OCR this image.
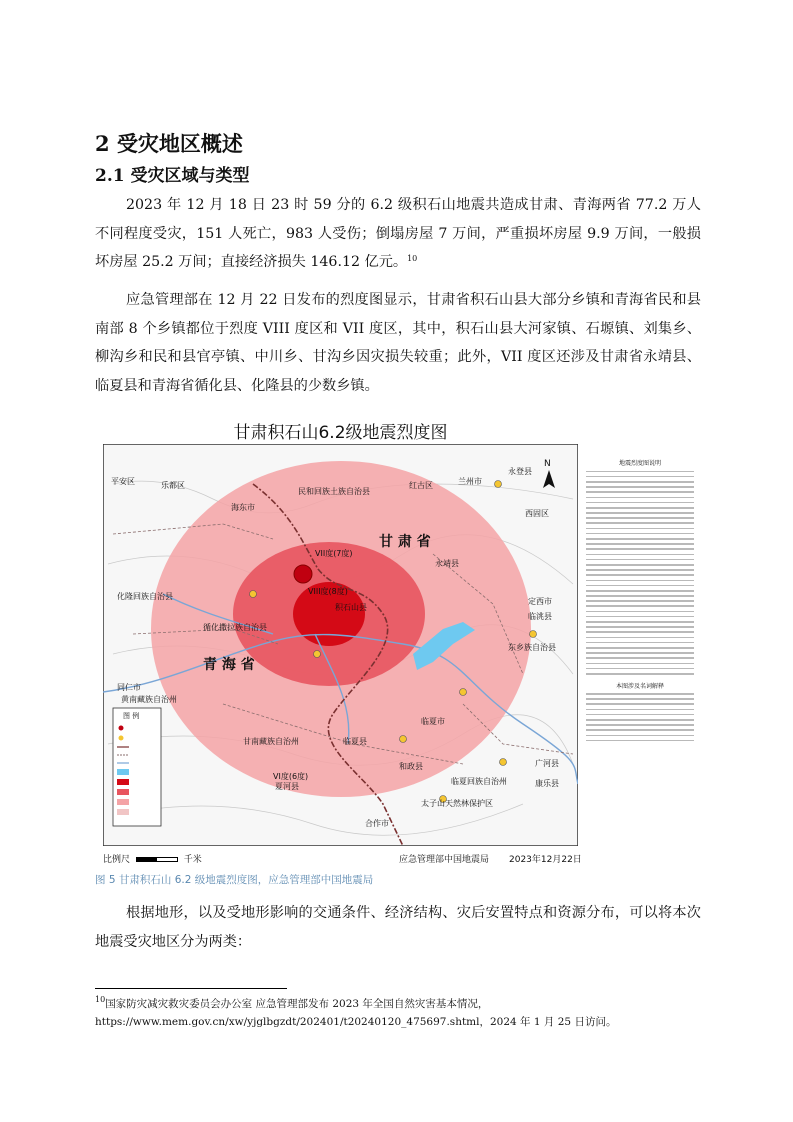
2 受灾地区概述
2.1 受灾区域与类型

2023 年 12 月 18 日 23 时 59 分的 6.2 级积石山地震共造成甘肃、青海两省 77.2 万人不同程度受灾，151 人死亡，983 人受伤；倒塌房屋 7 万间，严重损坏房屋 9.9 万间，一般损坏房屋 25.2 万间；直接经济损失 146.12 亿元。$^{10}$

应急管理部在 12 月 22 日发布的烈度图显示，甘肃省积石山县大部分乡镇和青海省民和县南部 8 个乡镇都位于烈度 VIII 度区和 VII 度区，其中，积石山县大河家镇、石塬镇、刘集乡、柳沟乡和民和县官亭镇、中川乡、甘沟乡因灾损失较重；此外，VII 度区还涉及甘肃省永靖县、临夏县和青海省循化县、化隆县的少数乡镇。

甘肃积石山6.2级地震烈度图
兰州市
永登县
平安区	乐都区
海东市
民和回族土族自治县
红古区
西固区
永靖县
定西市
临洮县
化隆回族自治县
循化撒拉族自治县
同仁市
黄南藏族自治州
东乡族自治县
临夏县
临夏市
和政县	广河县
甘南藏族自治州
夏河县
临夏回族自治州	康乐县
太子山天然林保护区
合作市
积石山县
VII度(7度)
VIII度(8度)
VI度(6度)
甘 肃 省
青 海 省
N
图 例
比例尺	千米	应急管理部中国地震局 2023年12月22日
地震烈度图说明
本图涉及名词解释
图 5 甘肃积石山 6.2 级地震烈度图，应急管理部中国地震局

根据地形，以及受地形影响的交通条件、经济结构、灾后安置特点和资源分布，可以将本次地震受灾地区分为两类：

$^{10}$国家防灾减灾救灾委员会办公室 应急管理部发布 2023 年全国自然灾害基本情况，
https://www.mem.gov.cn/xw/yjglbgzdt/202401/t20240120_475697.shtml，2024 年 1 月 25 日访问。
